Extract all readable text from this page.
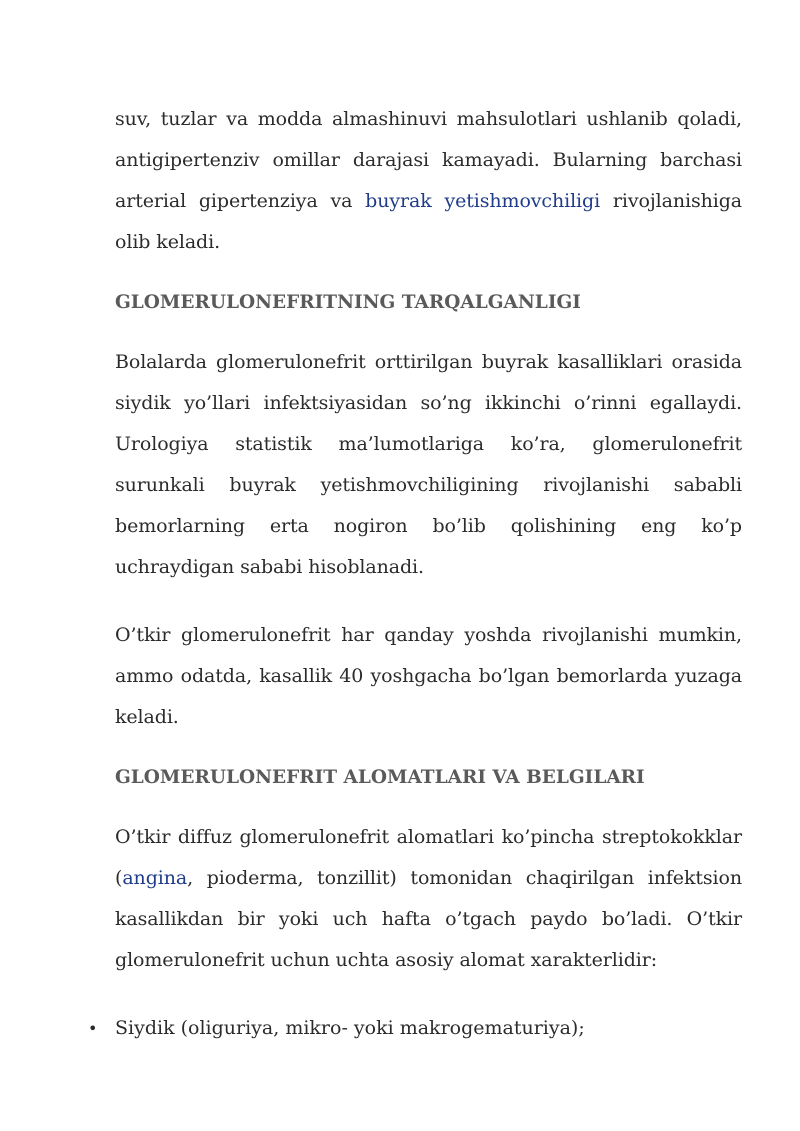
suv, tuzlar va modda almashinuvi mahsulotlari ushlanib qoladi, antigipertenziv omillar darajasi kamayadi. Bularning barchasi arterial gipertenziya va buyrak yetishmovchiligi rivojlanishiga olib keladi.

GLOMERULONEFRITNING TARQALGANLIGI

Bolalarda glomerulonefrit orttirilgan buyrak kasalliklari orasida siydik yo’llari infektsiyasidan so’ng ikkinchi o’rinni egallaydi. Urologiya statistik ma’lumotlariga ko’ra, glomerulonefrit surunkali buyrak yetishmovchiligining rivojlanishi sababli bemorlarning erta nogiron bo’lib qolishining eng ko’p uchraydigan sababi hisoblanadi.

O’tkir glomerulonefrit har qanday yoshda rivojlanishi mumkin, ammo odatda, kasallik 40 yoshgacha bo’lgan bemorlarda yuzaga keladi.

GLOMERULONEFRIT ALOMATLARI VA BELGILARI

O’tkir diffuz glomerulonefrit alomatlari ko’pincha streptokokklar (angina, pioderma, tonzillit) tomonidan chaqirilgan infektsion kasallikdan bir yoki uch hafta o’tgach paydo bo’ladi. O’tkir glomerulonefrit uchun uchta asosiy alomat xarakterlidir:

• Siydik (oliguriya, mikro- yoki makrogematuriya);
